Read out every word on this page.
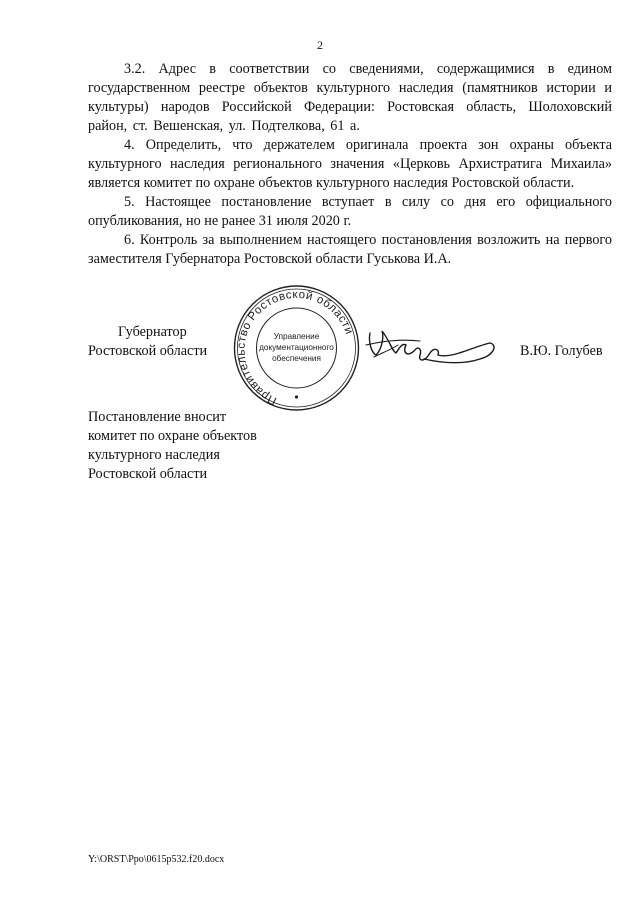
2

3.2. Адрес в соответствии со сведениями, содержащимися в едином государственном реестре объектов культурного наследия (памятников истории и культуры) народов Российской Федерации: Ростовская область, Шолоховский район, ст. Вешенская, ул. Подтелкова, 61 а.

4. Определить, что держателем оригинала проекта зон охраны объекта культурного наследия регионального значения «Церковь Архистратига Михаила» является комитет по охране объектов культурного наследия Ростовской области.

5. Настоящее постановление вступает в силу со дня его официального опубликования, но не ранее 31 июля 2020 г.

6. Контроль за выполнением настоящего постановления возложить на первого заместителя Губернатора Ростовской области Гуськова И.А.

Губернатор
Ростовской области
Правительство Ростовской области
Управление
документационного
обеспечения	В.Ю. Голубев
Постановление вносит
комитет по охране объектов
культурного наследия
Ростовской области
Y:\ORST\Ppo\0615p532.f20.docx
